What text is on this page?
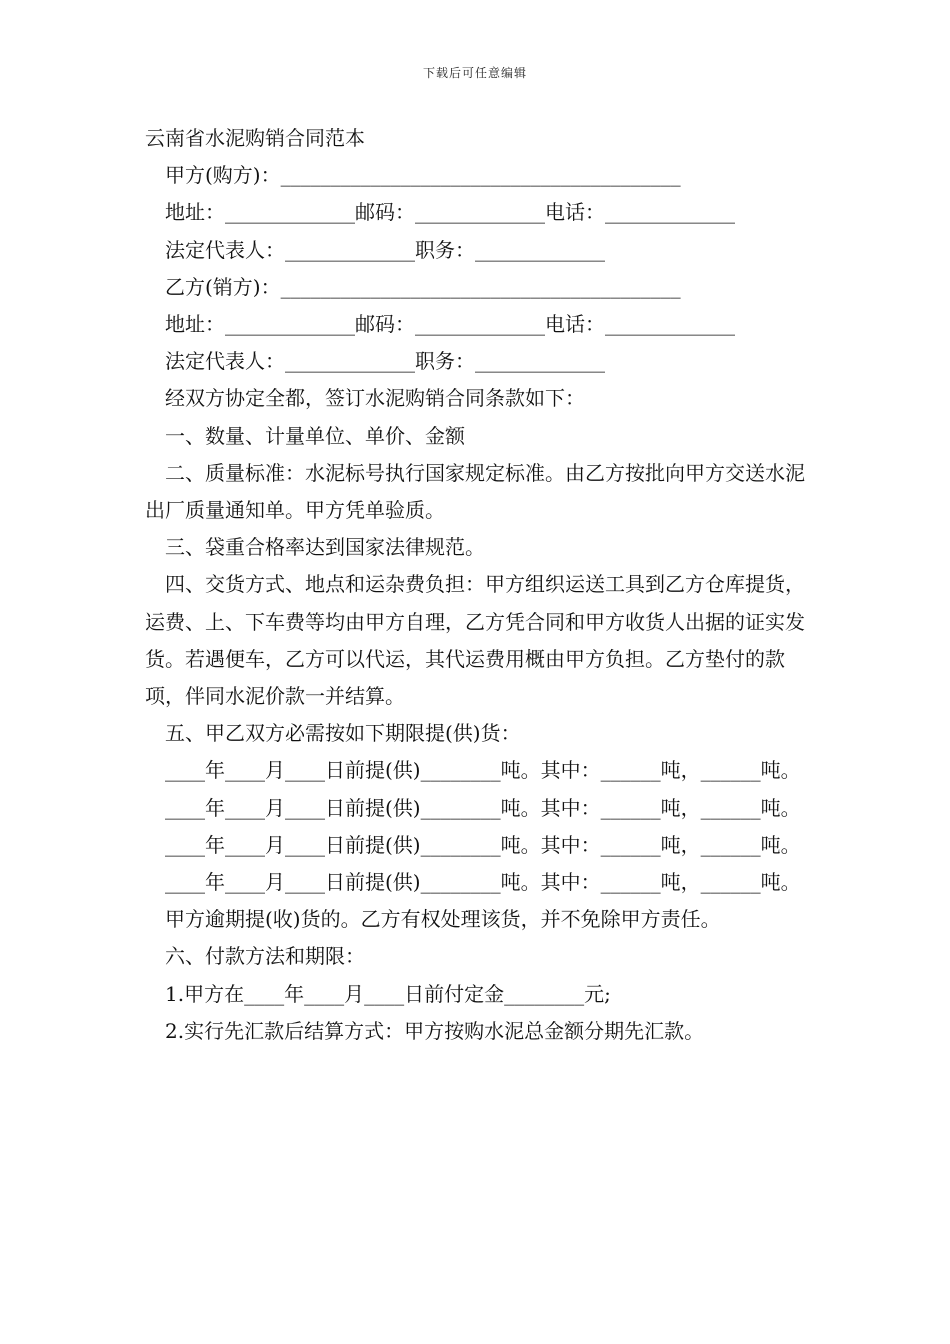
下载后可任意编辑

云南省水泥购销合同范本

甲方(购方)：________________________________________

地址：_____________邮码：_____________电话：_____________

法定代表人：_____________职务：_____________

乙方(销方)：________________________________________

地址：_____________邮码：_____________电话：_____________

法定代表人：_____________职务：_____________

经双方协定全都，签订水泥购销合同条款如下：

一、数量、计量单位、单价、金额

二、质量标准：水泥标号执行国家规定标准。由乙方按批向甲方交送水泥出厂质量通知单。甲方凭单验质。

三、袋重合格率达到国家法律规范。

四、交货方式、地点和运杂费负担：甲方组织运送工具到乙方仓库提货，运费、上、下车费等均由甲方自理，乙方凭合同和甲方收货人出据的证实发货。若遇便车，乙方可以代运，其代运费用概由甲方负担。乙方垫付的款项，伴同水泥价款一并结算。

五、甲乙双方必需按如下期限提(供)货：

____年____月____日前提(供)________吨。其中：______吨，______吨。

____年____月____日前提(供)________吨。其中：______吨，______吨。

____年____月____日前提(供)________吨。其中：______吨，______吨。

____年____月____日前提(供)________吨。其中：______吨，______吨。

甲方逾期提(收)货的。乙方有权处理该货，并不免除甲方责任。

六、付款方法和期限：

1.甲方在____年____月____日前付定金________元;

2.实行先汇款后结算方式：甲方按购水泥总金额分期先汇款。
